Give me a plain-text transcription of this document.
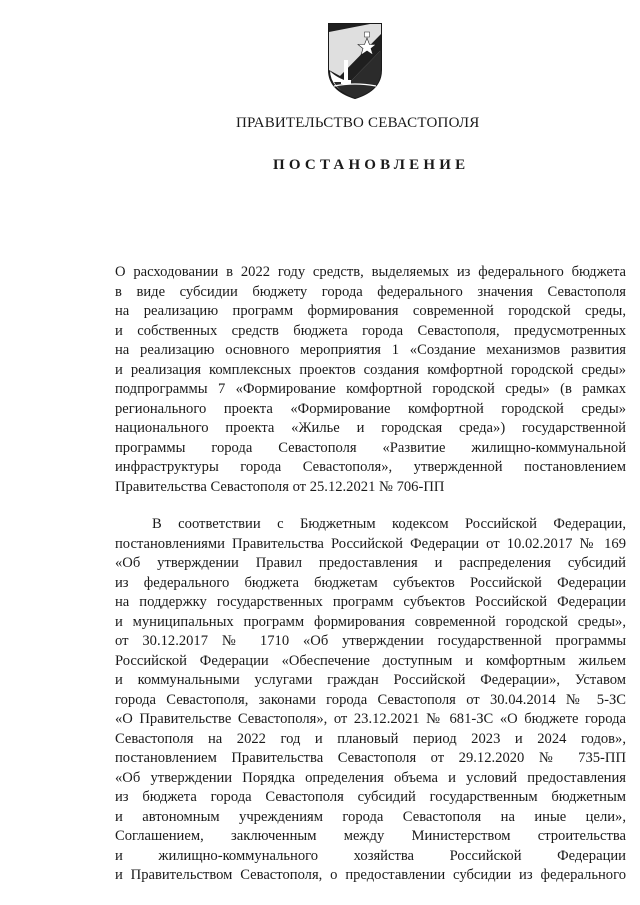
ПРАВИТЕЛЬСТВО СЕВАСТОПОЛЯ
ПОСТАНОВЛЕНИЕ
О расходовании в 2022 году средств, выделяемых из федерального бюджета
в виде субсидии бюджету города федерального значения Севастополя
на реализацию программ формирования современной городской среды,
и собственных средств бюджета города Севастополя, предусмотренных
на реализацию основного мероприятия 1 «Создание механизмов развития
и реализация комплексных проектов создания комфортной городской среды»
подпрограммы 7 «Формирование комфортной городской среды» (в рамках
регионального проекта «Формирование комфортной городской среды»
национального проекта «Жилье и городская среда») государственной
программы города Севастополя «Развитие жилищно-коммунальной
инфраструктуры города Севастополя», утвержденной постановлением
Правительства Севастополя от 25.12.2021 № 706-ПП
В соответствии с Бюджетным кодексом Российской Федерации,
постановлениями Правительства Российской Федерации от 10.02.2017 № 169
«Об утверждении Правил предоставления и распределения субсидий
из федерального бюджета бюджетам субъектов Российской Федерации
на поддержку государственных программ субъектов Российской Федерации
и муниципальных программ формирования современной городской среды»,
от 30.12.2017 № 1710 «Об утверждении государственной программы
Российской Федерации «Обеспечение доступным и комфортным жильем
и коммунальными услугами граждан Российской Федерации», Уставом
города Севастополя, законами города Севастополя от 30.04.2014 № 5-ЗС
«О Правительстве Севастополя», от 23.12.2021 № 681-ЗС «О бюджете города
Севастополя на 2022 год и плановый период 2023 и 2024 годов»,
постановлением Правительства Севастополя от 29.12.2020 № 735-ПП
«Об утверждении Порядка определения объема и условий предоставления
из бюджета города Севастополя субсидий государственным бюджетным
и автономным учреждениям города Севастополя на иные цели»,
Соглашением, заключенным между Министерством строительства
и жилищно-коммунального хозяйства Российской Федерации
и Правительством Севастополя, о предоставлении субсидии из федерального
